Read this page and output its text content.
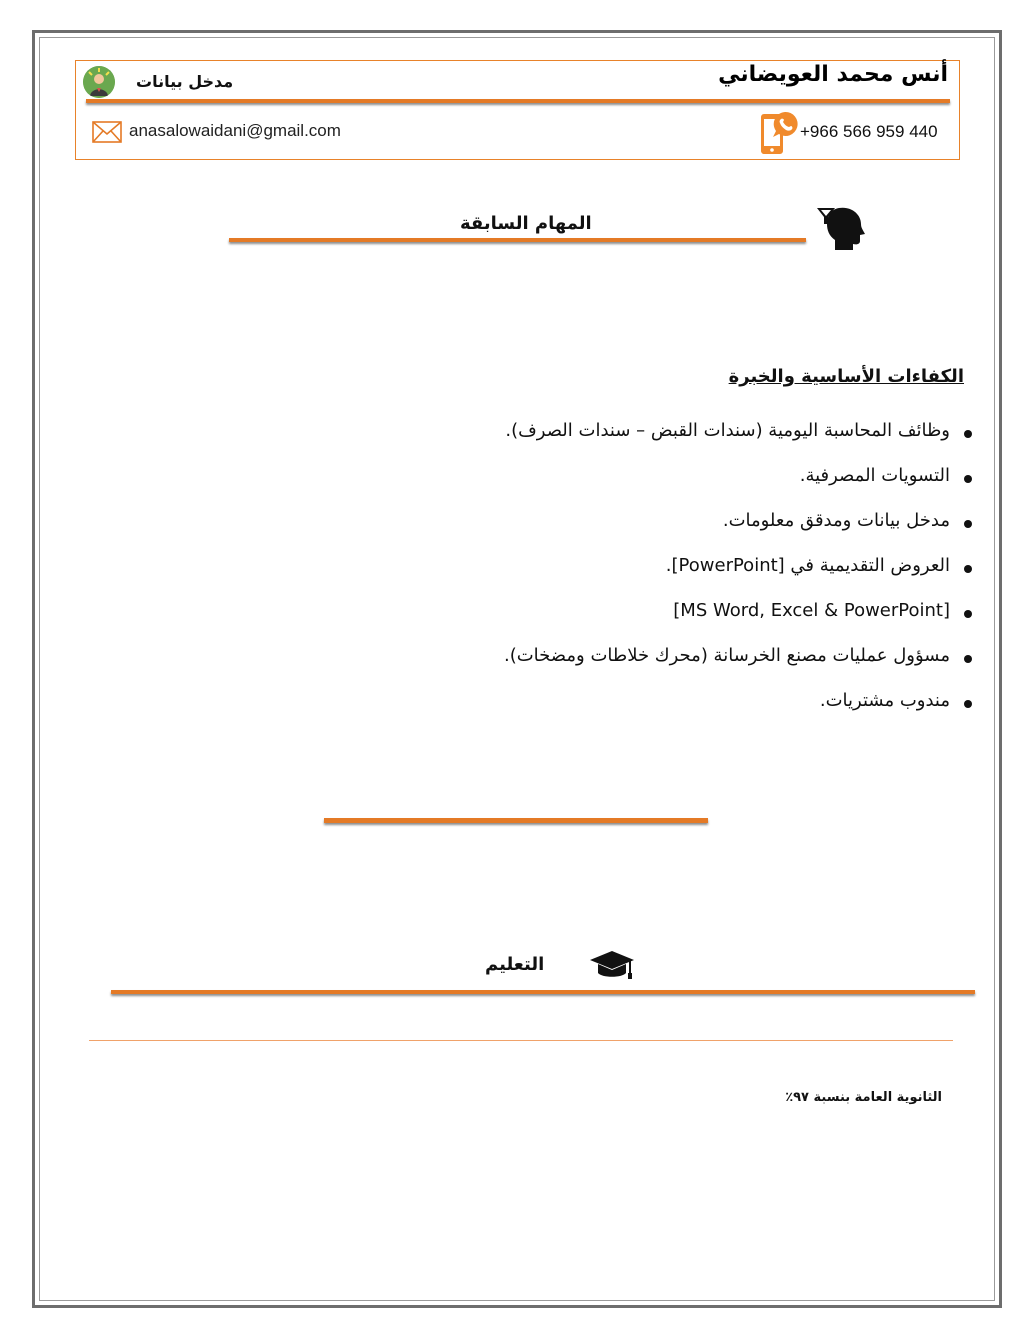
أنس محمد العويضاني
مدخل بيانات
anasalowaidani@gmail.com	+966 566 959 440
المهام السابقة
الكفاءات الأساسية والخبرة
وظائف المحاسبة اليومية (سندات القبض – سندات الصرف).
التسويات المصرفية.
مدخل بيانات ومدقق معلومات.
العروض التقديمية في [PowerPoint].
[MS Word, Excel & PowerPoint]
مسؤول عمليات مصنع الخرسانة (محرك خلاطات ومضخات).
مندوب مشتريات.
التعليم
الثانوية العامة بنسبة ٩٧٪
